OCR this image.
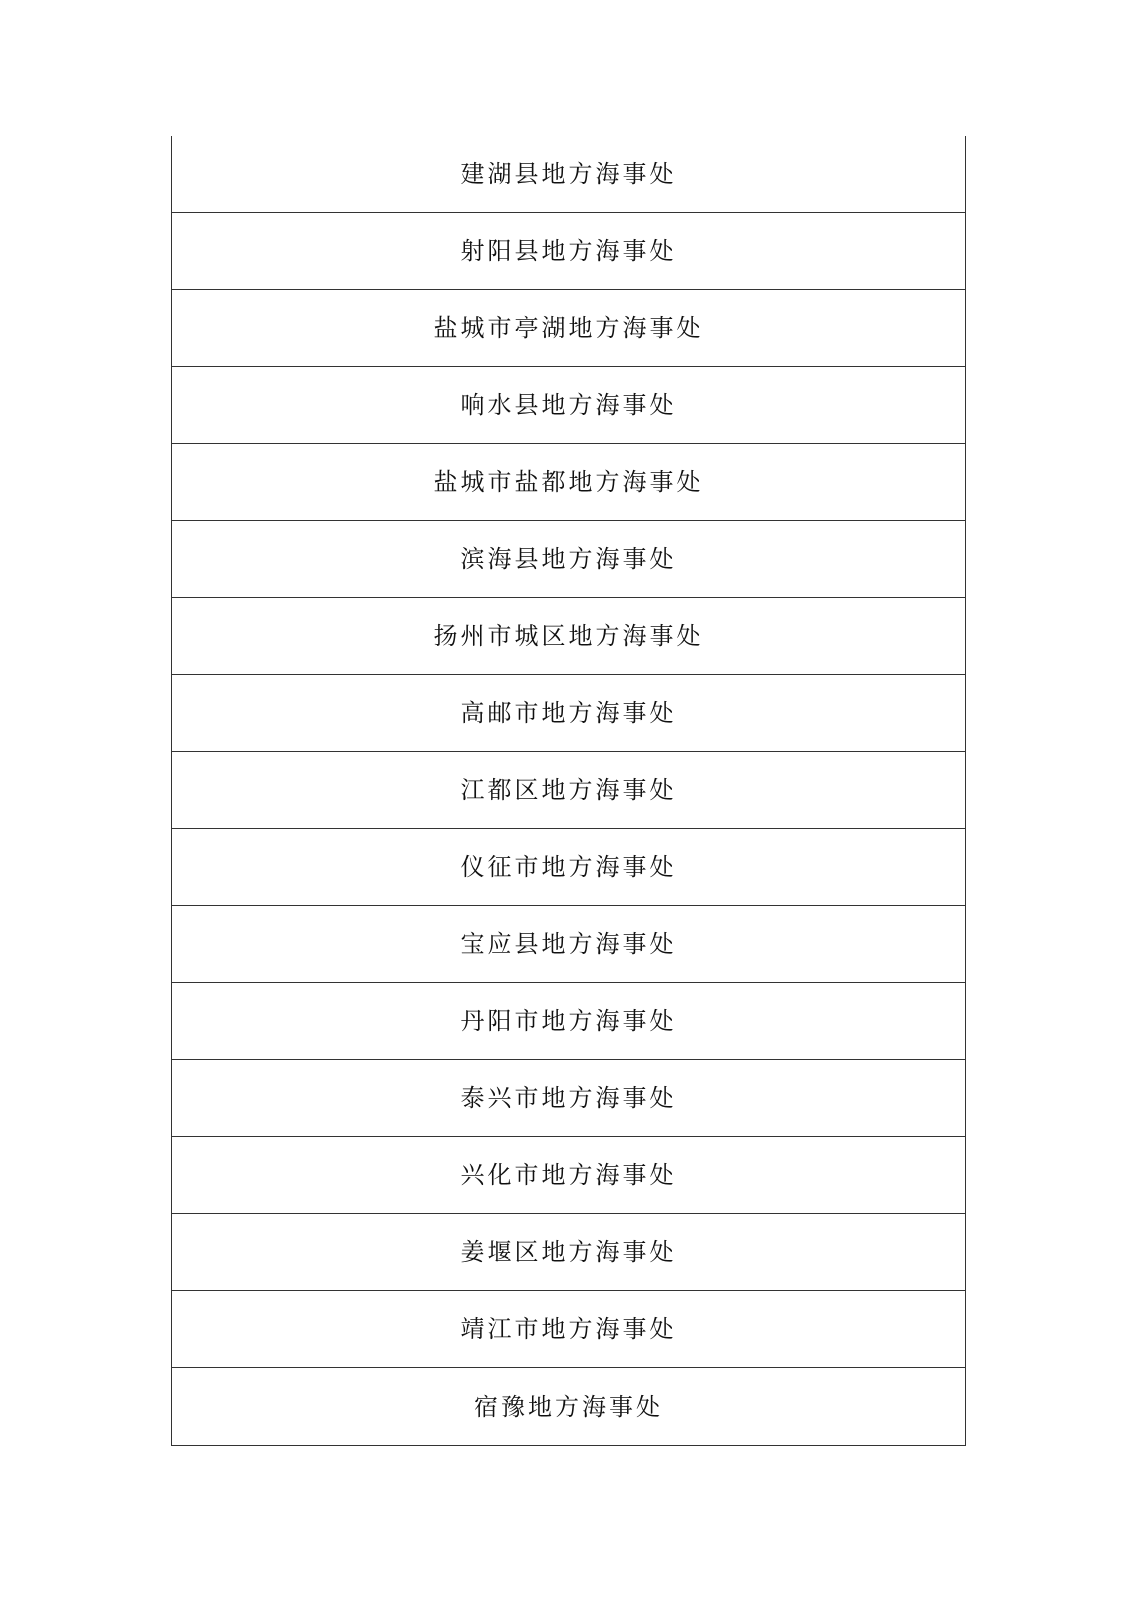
建湖县地方海事处
射阳县地方海事处
盐城市亭湖地方海事处
响水县地方海事处
盐城市盐都地方海事处
滨海县地方海事处
扬州市城区地方海事处
高邮市地方海事处
江都区地方海事处
仪征市地方海事处
宝应县地方海事处
丹阳市地方海事处
泰兴市地方海事处
兴化市地方海事处
姜堰区地方海事处
靖江市地方海事处
宿豫地方海事处
